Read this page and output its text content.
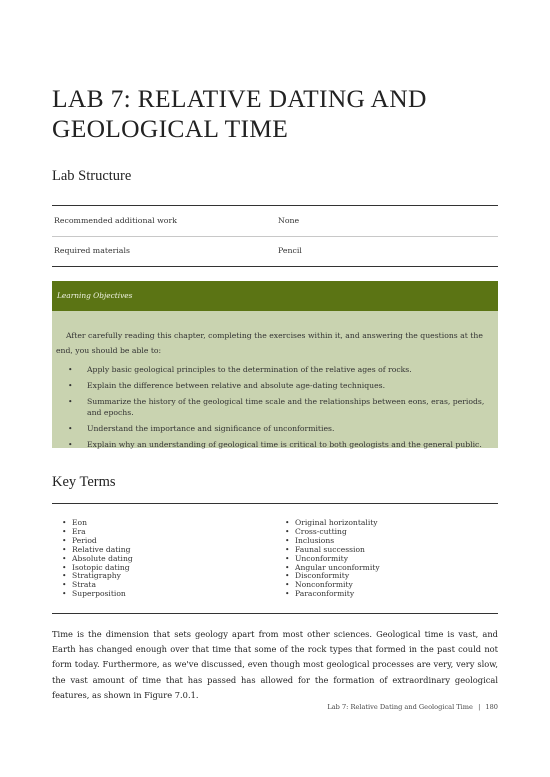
LAB 7: RELATIVE DATING AND GEOLOGICAL TIME
Lab Structure
Recommended additional work	None
Required materials	Pencil
Learning Objectives
After carefully reading this chapter, completing the exercises within it, and answering the questions at the end, you should be able to:
• Apply basic geological principles to the determination of the relative ages of rocks.
• Explain the difference between relative and absolute age-dating techniques.
• Summarize the history of the geological time scale and the relationships between eons, eras, periods, and epochs.
• Understand the importance and significance of unconformities.
• Explain why an understanding of geological time is critical to both geologists and the general public.
Key Terms
• Eon
• Era
• Period
• Relative dating
• Absolute dating
• Isotopic dating
• Stratigraphy
• Strata
• Superposition
• Original horizontality
• Cross-cutting
• Inclusions
• Faunal succession
• Unconformity
• Angular unconformity
• Disconformity
• Nonconformity
• Paraconformity
Time is the dimension that sets geology apart from most other sciences. Geological time is vast, and Earth has changed enough over that time that some of the rock types that formed in the past could not form today. Furthermore, as we've discussed, even though most geological processes are very, very slow, the vast amount of time that has passed has allowed for the formation of extraordinary geological features, as shown in Figure 7.0.1.
Lab 7: Relative Dating and Geological Time | 180
